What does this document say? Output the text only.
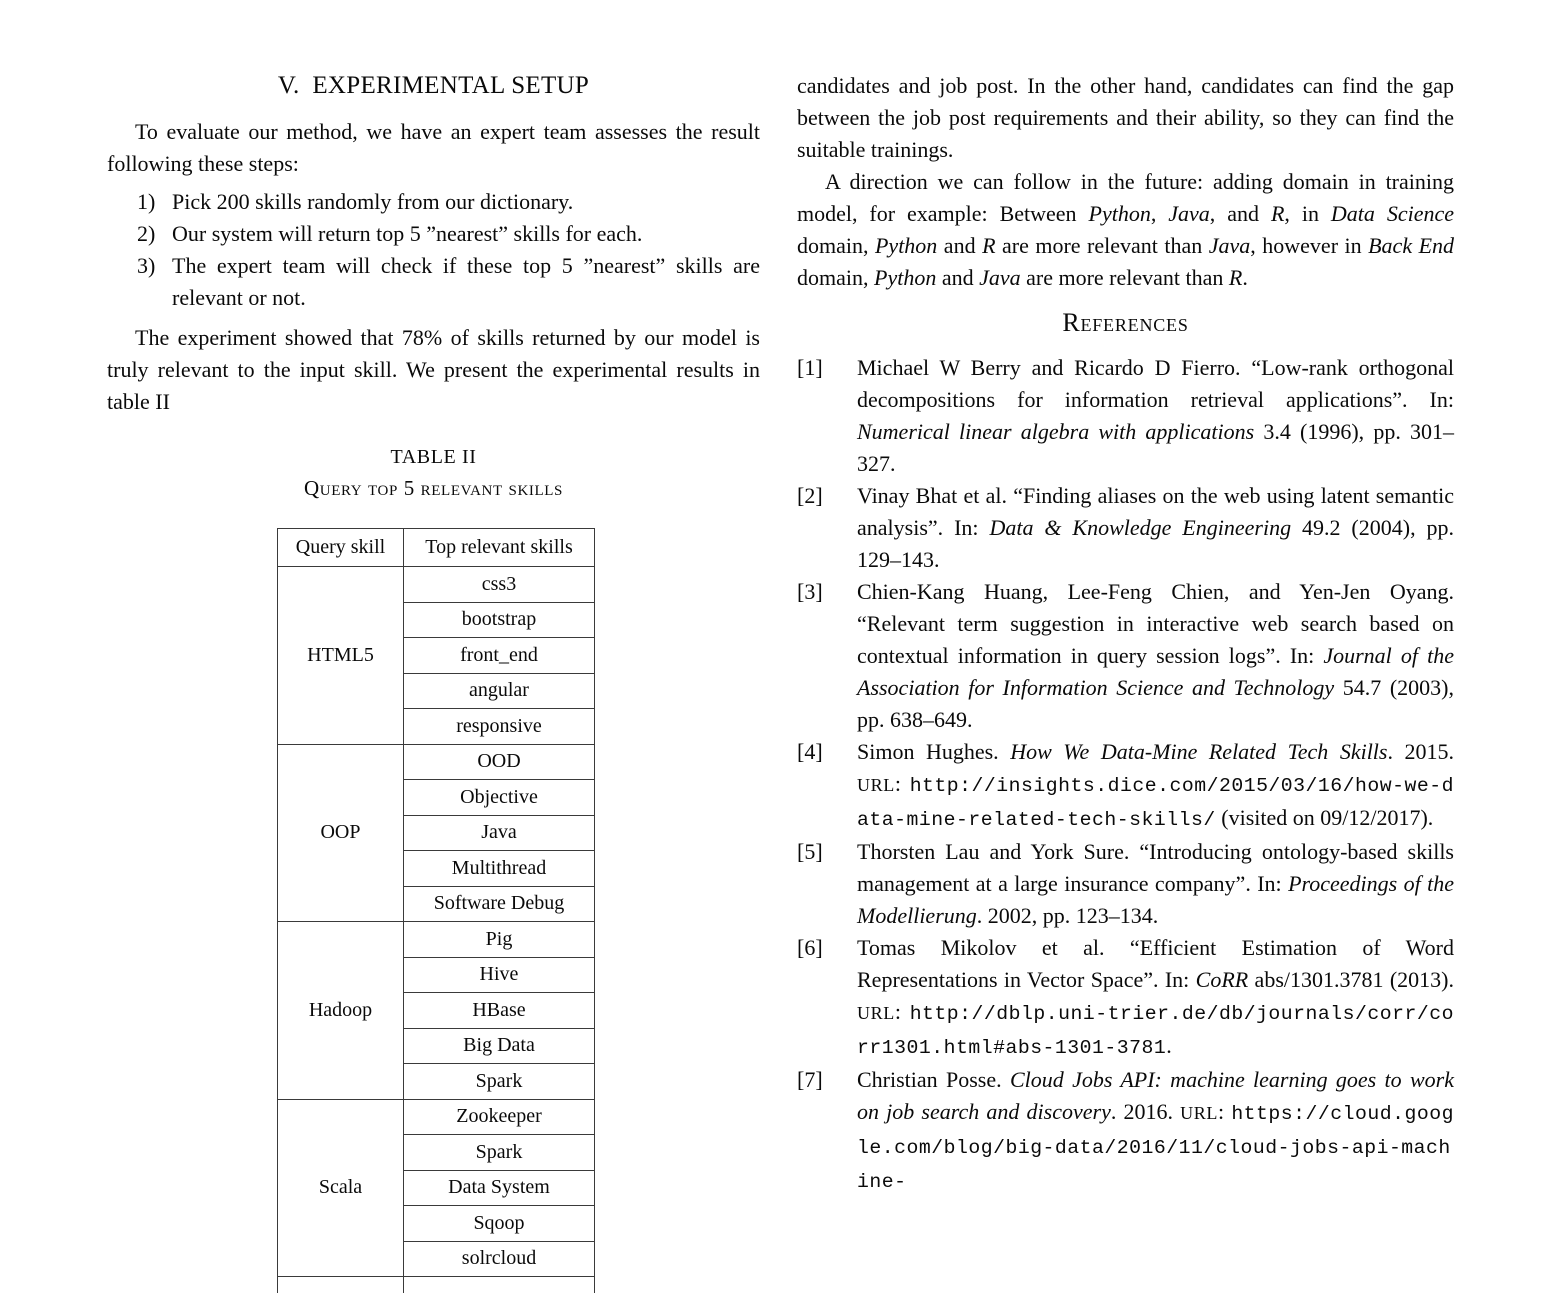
V. EXPERIMENTAL SETUP
To evaluate our method, we have an expert team assesses the result following these steps:
1) Pick 200 skills randomly from our dictionary.
2) Our system will return top 5 ”nearest” skills for each.
3) The expert team will check if these top 5 ”nearest” skills are relevant or not.
The experiment showed that 78% of skills returned by our model is truly relevant to the input skill. We present the experimental results in table II
TABLE II
Query top 5 relevant skills
Query skill	Top relevant skills
HTML5	css3
	bootstrap
	front_end
	angular
	responsive
OOP	OOD
	Objective
	Java
	Multithread
	Software Debug
Hadoop	Pig
	Hive
	HBase
	Big Data
	Spark
Scala	Zookeeper
	Spark
	Data System
	Sqoop
	solrcloud

candidates and job post. In the other hand, candidates can find the gap between the job post requirements and their ability, so they can find the suitable trainings.
A direction we can follow in the future: adding domain in training model, for example: Between Python, Java, and R, in Data Science domain, Python and R are more relevant than Java, however in Back End domain, Python and Java are more relevant than R.
References
[1] Michael W Berry and Ricardo D Fierro. “Low-rank orthogonal decompositions for information retrieval applications”. In: Numerical linear algebra with applications 3.4 (1996), pp. 301–327.
[2] Vinay Bhat et al. “Finding aliases on the web using latent semantic analysis”. In: Data & Knowledge Engineering 49.2 (2004), pp. 129–143.
[3] Chien-Kang Huang, Lee-Feng Chien, and Yen-Jen Oyang. “Relevant term suggestion in interactive web search based on contextual information in query session logs”. In: Journal of the Association for Information Science and Technology 54.7 (2003), pp. 638–649.
[4] Simon Hughes. How We Data-Mine Related Tech Skills. 2015. URL: http://insights.dice.com/2015/03/16/how-we-data-mine-related-tech-skills/ (visited on 09/12/2017).
[5] Thorsten Lau and York Sure. “Introducing ontology-based skills management at a large insurance company”. In: Proceedings of the Modellierung. 2002, pp. 123–134.
[6] Tomas Mikolov et al. “Efficient Estimation of Word Representations in Vector Space”. In: CoRR abs/1301.3781 (2013). URL: http://dblp.uni-trier.de/db/journals/corr/corr1301.html#abs-1301-3781.
[7] Christian Posse. Cloud Jobs API: machine learning goes to work on job search and discovery. 2016. URL: https://cloud.google.com/blog/big-data/2016/11/cloud-jobs-api-machine-
